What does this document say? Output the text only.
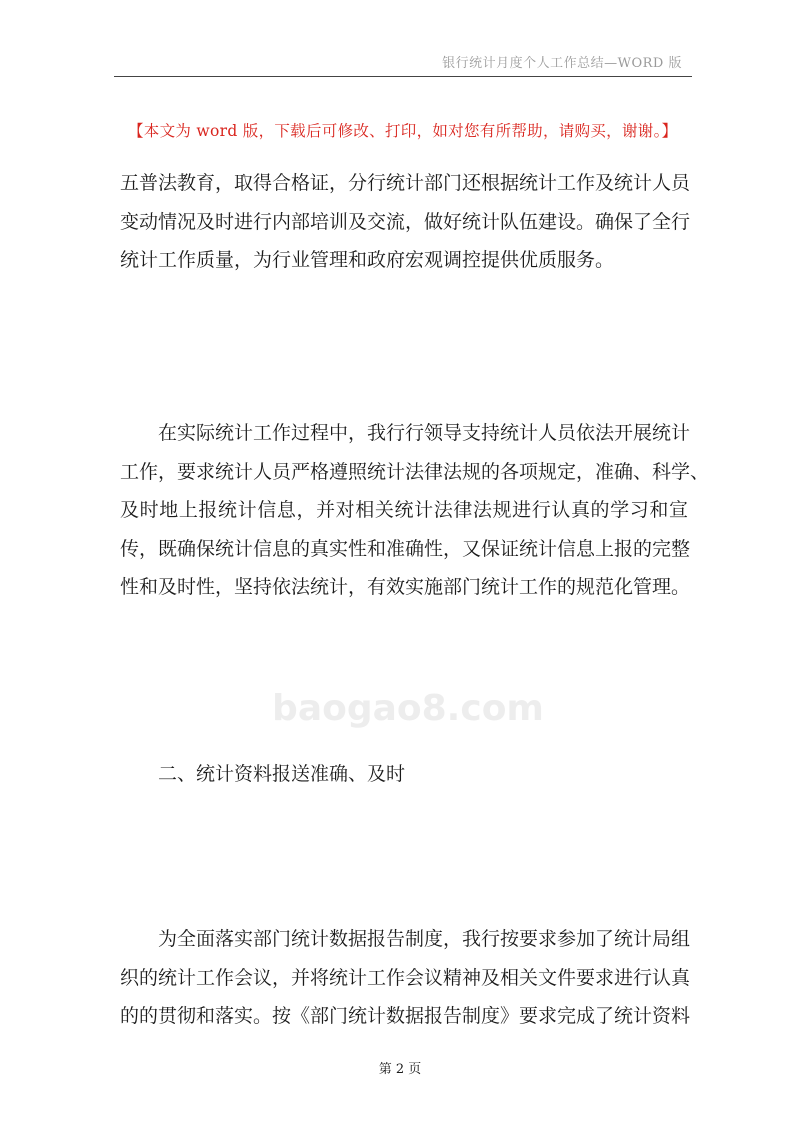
银行统计月度个人工作总结—WORD 版
【本文为 word 版，下载后可修改、打印，如对您有所帮助，请购买，谢谢。】
五普法教育，取得合格证，分行统计部门还根据统计工作及统计人员
变动情况及时进行内部培训及交流，做好统计队伍建设。确保了全行
统计工作质量，为行业管理和政府宏观调控提供优质服务。
在实际统计工作过程中，我行行领导支持统计人员依法开展统计
工作，要求统计人员严格遵照统计法律法规的各项规定，准确、科学、
及时地上报统计信息，并对相关统计法律法规进行认真的学习和宣
传，既确保统计信息的真实性和准确性，又保证统计信息上报的完整
性和及时性，坚持依法统计，有效实施部门统计工作的规范化管理。
baogao8.com
二、统计资料报送准确、及时
为全面落实部门统计数据报告制度，我行按要求参加了统计局组
织的统计工作会议，并将统计工作会议精神及相关文件要求进行认真
的的贯彻和落实。按《部门统计数据报告制度》要求完成了统计资料
第 2 页
